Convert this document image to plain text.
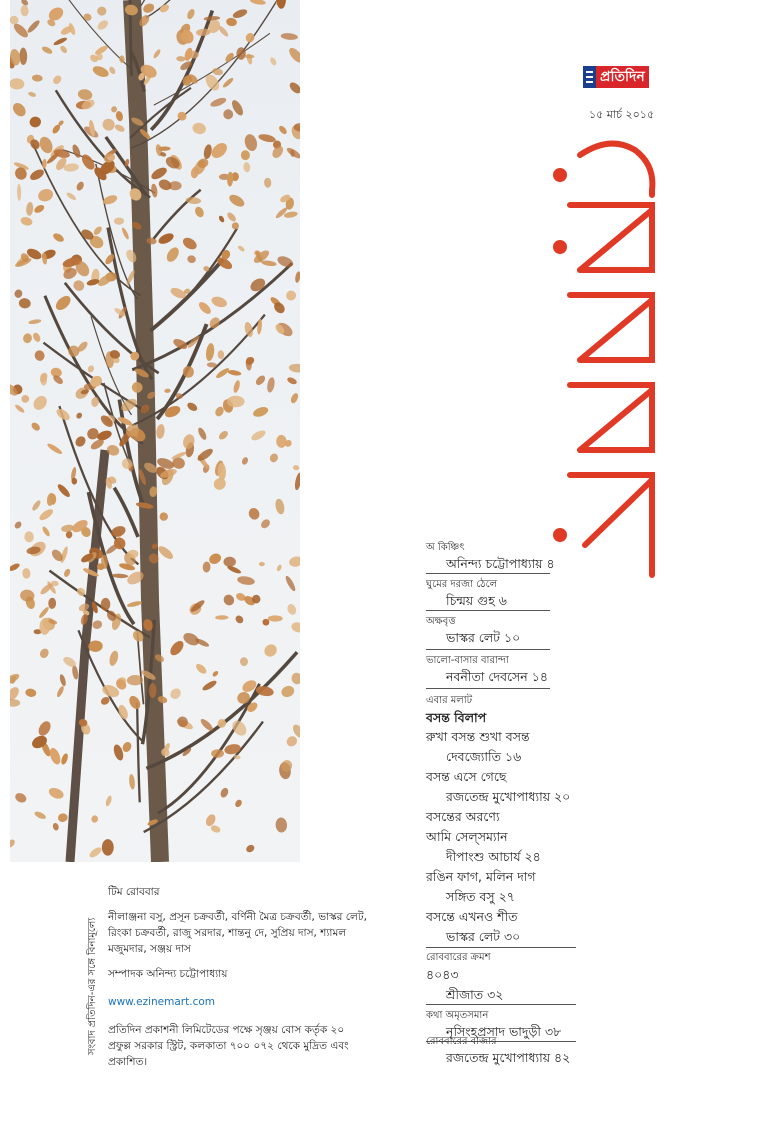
প্রতিদিন
১৫ মার্চ ২০১৫
অ কিঞ্চিৎ
অনিন্দ্য চট্টোপাধ্যায় ৪
ঘুমের দরজা ঠেলে
চিন্ময় গুহ ৬
অক্ষবৃত্ত
ভাস্কর লেট ১০
ভালো-বাসার বারান্দা
নবনীতা দেবসেন ১৪
এবার মলাট
বসন্ত বিলাপ
রুখা বসন্ত শুখা বসন্ত
দেবজ্যোতি ১৬
বসন্ত এসে গেছে
রজতেন্দ্র মুখোপাধ্যায় ২০
বসন্তের অরণ্যে
আমি সেল্‌সম্যান
দীপাংশু আচার্য ২৪
রঙিন ফাগ, মলিন দাগ
সঙ্গিত বসু ২৭
বসন্তে এখনও শীত
ভাস্কর লেট ৩০
রোববারের ক্রমশ
৪০৪৩
শ্রীজাত ৩২
কথা অমৃতসমান
নৃসিংহপ্রসাদ ভাদুড়ী ৩৮
রোববারের বাজার
রজতেন্দ্র মুখোপাধ্যায় ৪২

টিম রোববার

নীলাঞ্জনা বসু, প্রসূন চক্রবর্তী, বর্ণিনী মৈত্র চক্রবর্তী, ভাস্কর লেট, রিংকা চক্রবর্তী, রাজু সরদার, শান্তনু দে, সুপ্রিয় দাস, শ্যামল মজুমদার, সঞ্জয় দাস

সম্পাদক অনিন্দ্য চট্টোপাধ্যায়

www.ezinemart.com

প্রতিদিন প্রকাশনী লিমিটেডের পক্ষে সৃঞ্জয় বোস কর্তৃক ২০ প্রফুল্ল সরকার স্ট্রিট, কলকাতা ৭০০ ০৭২ থেকে মুদ্রিত এবং প্রকাশিত।

সংবাদ প্রতিদিন-এর সঙ্গে বিনামূল্যে
